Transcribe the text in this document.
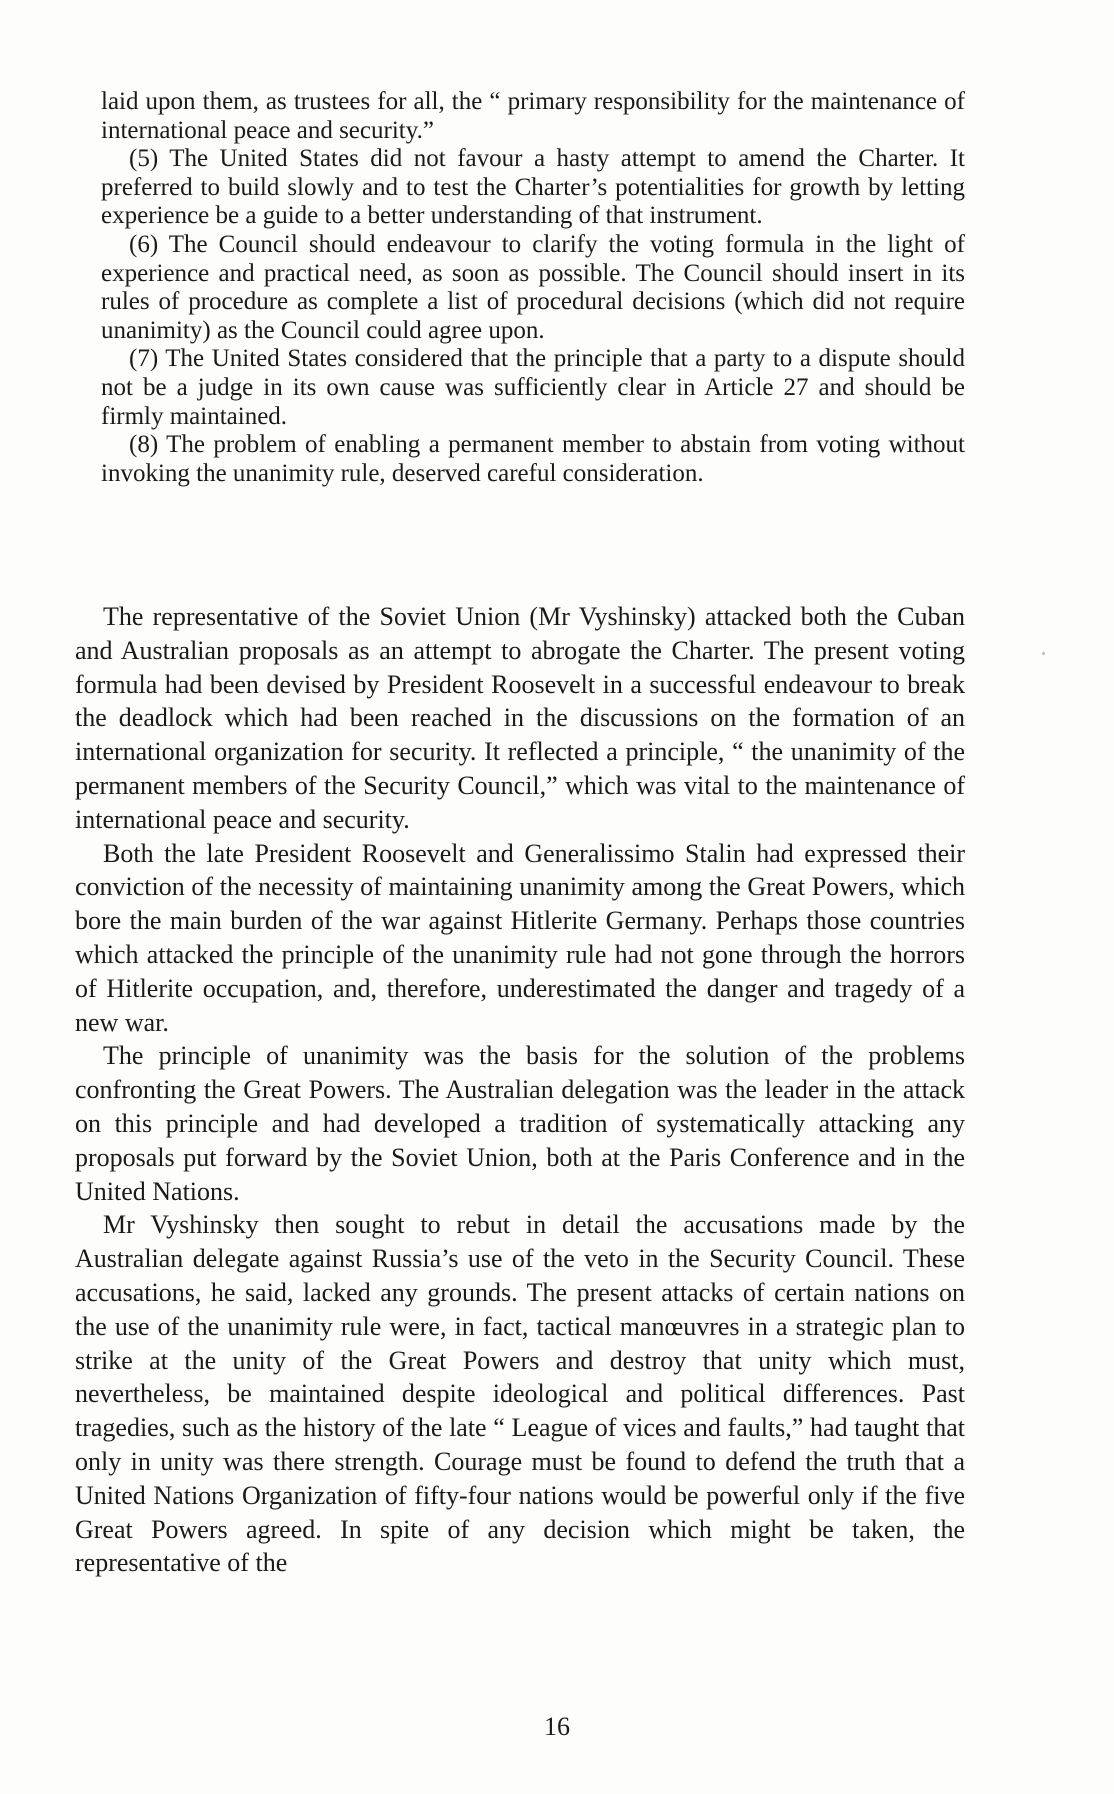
laid upon them, as trustees for all, the “ primary responsibility for the maintenance of international peace and security.”

(5) The United States did not favour a hasty attempt to amend the Charter. It preferred to build slowly and to test the Charter’s potentialities for growth by letting experience be a guide to a better understanding of that instrument.

(6) The Council should endeavour to clarify the voting formula in the light of experience and practical need, as soon as possible. The Council should insert in its rules of procedure as complete a list of procedural decisions (which did not require unanimity) as the Council could agree upon.

(7) The United States considered that the principle that a party to a dispute should not be a judge in its own cause was sufficiently clear in Article 27 and should be firmly maintained.

(8) The problem of enabling a permanent member to abstain from voting without invoking the unanimity rule, deserved careful consideration.

The representative of the Soviet Union (Mr Vyshinsky) attacked both the Cuban and Australian proposals as an attempt to abrogate the Charter. The present voting formula had been devised by President Roosevelt in a successful endeavour to break the deadlock which had been reached in the discussions on the formation of an international organization for security. It reflected a principle, “ the unanimity of the permanent members of the Security Council,” which was vital to the maintenance of international peace and security.

Both the late President Roosevelt and Generalissimo Stalin had expressed their conviction of the necessity of maintaining unanimity among the Great Powers, which bore the main burden of the war against Hitlerite Germany. Perhaps those countries which attacked the principle of the unanimity rule had not gone through the horrors of Hitlerite occupation, and, therefore, underestimated the danger and tragedy of a new war.

The principle of unanimity was the basis for the solution of the problems confronting the Great Powers. The Australian delegation was the leader in the attack on this principle and had developed a tradition of systematically attacking any proposals put forward by the Soviet Union, both at the Paris Conference and in the United Nations.

Mr Vyshinsky then sought to rebut in detail the accusations made by the Australian delegate against Russia’s use of the veto in the Security Council. These accusations, he said, lacked any grounds. The present attacks of certain nations on the use of the unanimity rule were, in fact, tactical manœuvres in a strategic plan to strike at the unity of the Great Powers and destroy that unity which must, nevertheless, be maintained despite ideological and political differences. Past tragedies, such as the history of the late “ League of vices and faults,” had taught that only in unity was there strength. Courage must be found to defend the truth that a United Nations Organization of fifty-four nations would be powerful only if the five Great Powers agreed. In spite of any decision which might be taken, the representative of the

16
